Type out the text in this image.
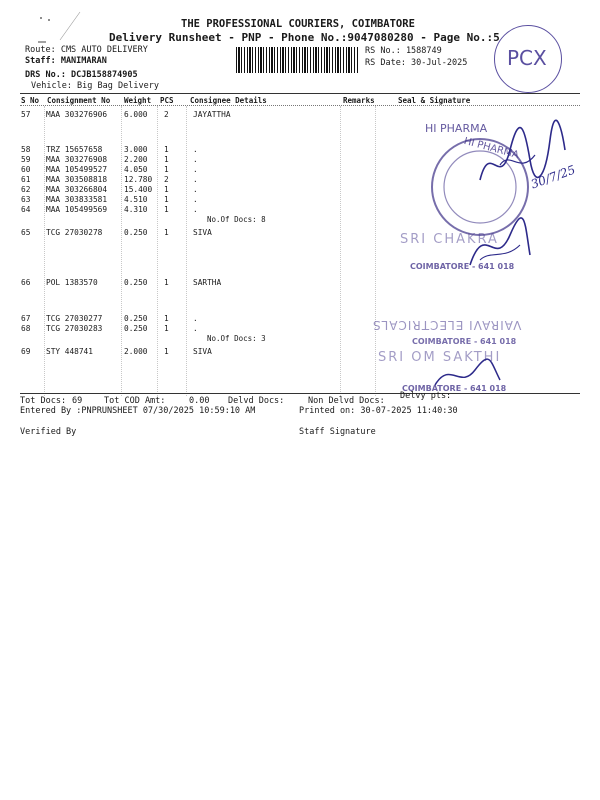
THE PROFESSIONAL COURIERS, COIMBATORE
Delivery Runsheet - PNP - Phone No.:9047080280 - Page No.:5
Route: CMS AUTO DELIVERY
Staff: MANIMARAN
DRS No.: DCJB158874905
Vehicle: Big Bag Delivery
RS No.: 1588749
RS Date: 30-Jul-2025 PCX
S No Consignment No Weight PCS Consignee Details	Remarks	Seal & Signature
57 MAA 303276906 6.000 2	JAYATTHA
58 TRZ 15657658	3.000 1	.
59 MAA 303276908 2.200 1	.
60 MAA 105499527 4.050 1	.
61 MAA 303508818 12.780 2	.
62 MAA 303266804 15.400 1	.
63 MAA 303833581 4.510 1	.
64 MAA 105499569 4.310 1	.
No.Of Docs: 8
65 TCG 27030278	0.250 1	SIVA
66 POL 1383570	0.250 1	SARTHA
67 TCG 27030277	0.250 1	.
68 TCG 27030283	0.250 1	.
No.Of Docs: 3
69 STY 448741	2.000 1	SIVA
HI PHARMA
HI PHARMA
30/7/25
SRI CHAKRA
COIMBATORE - 641 018
VAIRAVI ELECTRICALS
COIMBATORE - 641 018
SRI OM SAKTHI
COIMBATORE - 641 018
Tot Docs: 69	Tot COD Amt:	0.00 Delvd Docs:	Non Delvd Docs: Delvy pts:
Entered By :PNPRUNSHEET 07/30/2025 10:59:10 AM	Printed on: 30-07-2025 11:40:30
Verified By	Staff Signature
